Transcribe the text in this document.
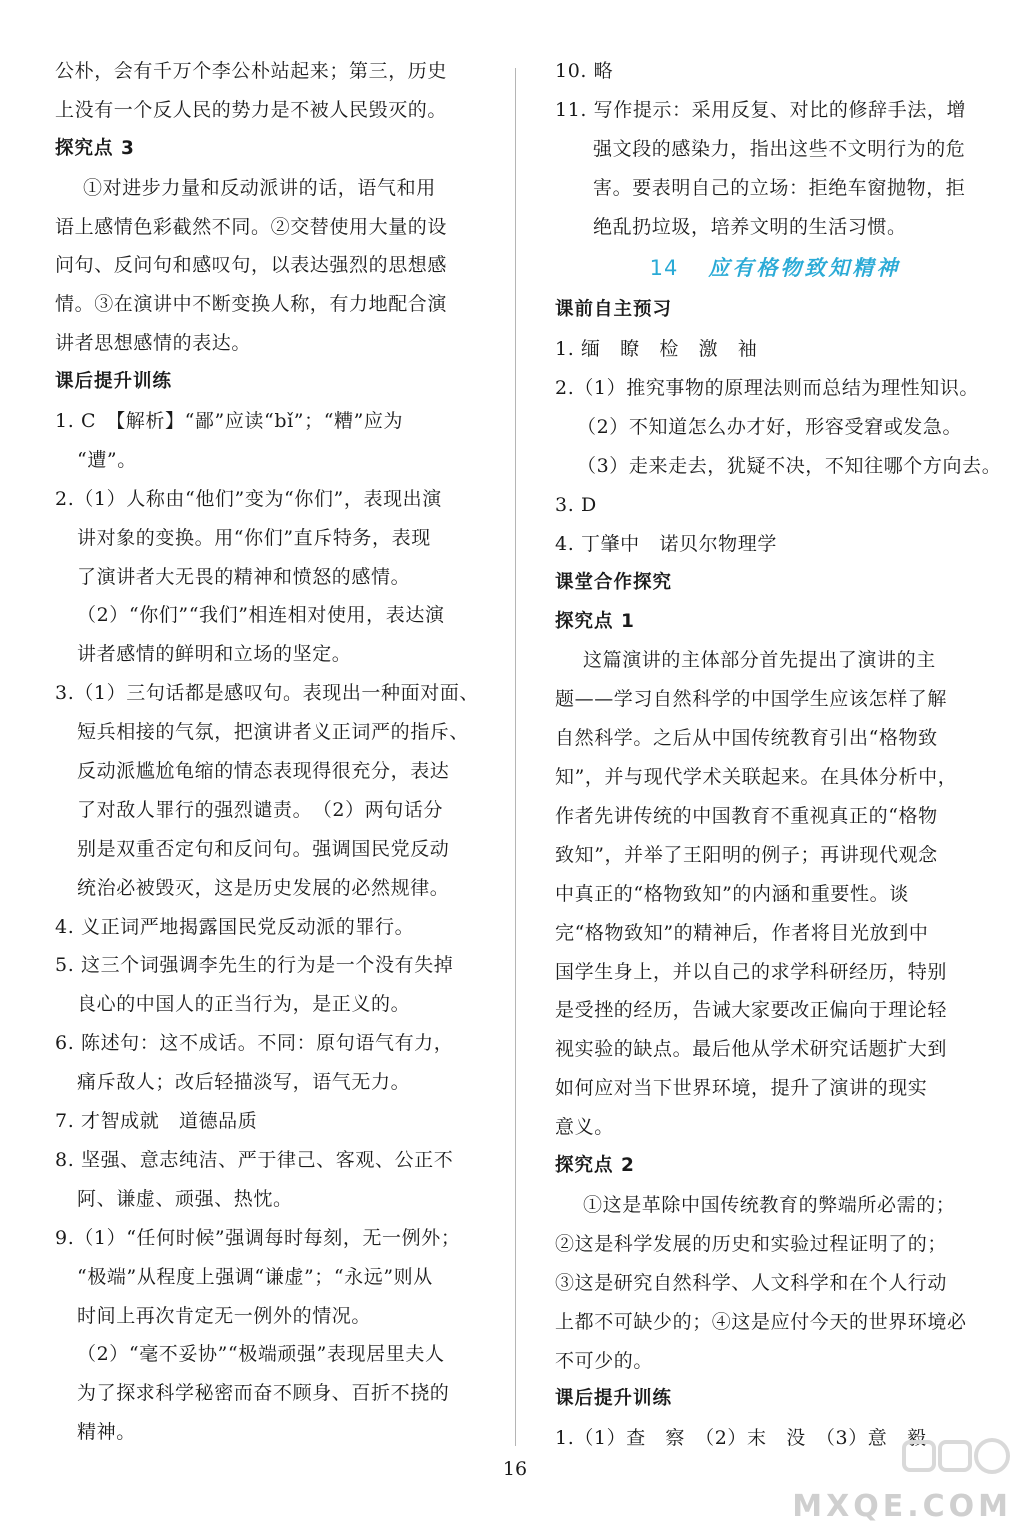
公朴，会有千万个李公朴站起来；第三，历史
上没有一个反人民的势力是不被人民毁灭的。
探究点 3
①对进步力量和反动派讲的话，语气和用
语上感情色彩截然不同。②交替使用大量的设
问句、反问句和感叹句，以表达强烈的思想感
情。③在演讲中不断变换人称，有力地配合演
讲者思想感情的表达。
课后提升训练
1. C　【解析】“鄙”应读“bǐ”；“糟”应为
“遭”。
2.（1）人称由“他们”变为“你们”，表现出演
讲对象的变换。用“你们”直斥特务，表现
了演讲者大无畏的精神和愤怒的感情。
（2）“你们”“我们”相连相对使用，表达演
讲者感情的鲜明和立场的坚定。
3.（1）三句话都是感叹句。表现出一种面对面、
短兵相接的气氛，把演讲者义正词严的指斥、
反动派尴尬龟缩的情态表现得很充分，表达
了对敌人罪行的强烈谴责。　（2）两句话分
别是双重否定句和反问句。强调国民党反动
统治必被毁灭，这是历史发展的必然规律。
4. 义正词严地揭露国民党反动派的罪行。
5. 这三个词强调李先生的行为是一个没有失掉
良心的中国人的正当行为，是正义的。
6. 陈述句：这不成话。不同：原句语气有力，
痛斥敌人；改后轻描淡写，语气无力。
7. 才智成就　道德品质
8. 坚强、意志纯洁、严于律己、客观、公正不
阿、谦虚、顽强、热忱。
9.（1）“任何时候”强调每时每刻，无一例外；
“极端”从程度上强调“谦虚”；“永远”则从
时间上再次肯定无一例外的情况。
（2）“毫不妥协”“极端顽强”表现居里夫人
为了探求科学秘密而奋不顾身、百折不挠的
精神。
10. 略
11. 写作提示：采用反复、对比的修辞手法，增
强文段的感染力，指出这些不文明行为的危
害。要表明自己的立场：拒绝车窗抛物，拒
绝乱扔垃圾，培养文明的生活习惯。
14 应有格物致知精神
课前自主预习
1. 缅　瞭　检　激　袖
2.（1）推究事物的原理法则而总结为理性知识。
（2）不知道怎么办才好，形容受窘或发急。
（3）走来走去，犹疑不决，不知往哪个方向去。
3. D
4. 丁肇中　诺贝尔物理学
课堂合作探究
探究点 1
这篇演讲的主体部分首先提出了演讲的主
题——学习自然科学的中国学生应该怎样了解
自然科学。之后从中国传统教育引出“格物致
知”，并与现代学术关联起来。在具体分析中，
作者先讲传统的中国教育不重视真正的“格物
致知”，并举了王阳明的例子；再讲现代观念
中真正的“格物致知”的内涵和重要性。谈
完“格物致知”的精神后，作者将目光放到中
国学生身上，并以自己的求学科研经历，特别
是受挫的经历，告诫大家要改正偏向于理论轻
视实验的缺点。最后他从学术研究话题扩大到
如何应对当下世界环境，提升了演讲的现实
意义。
探究点 2
①这是革除中国传统教育的弊端所必需的；
②这是科学发展的历史和实验过程证明了的；
③这是研究自然科学、人文科学和在个人行动
上都不可缺少的；④这是应付今天的世界环境必
不可少的。
课后提升训练
1.（1）查　察　（2）末　没　（3）意　毅
16
MXQE.COM
